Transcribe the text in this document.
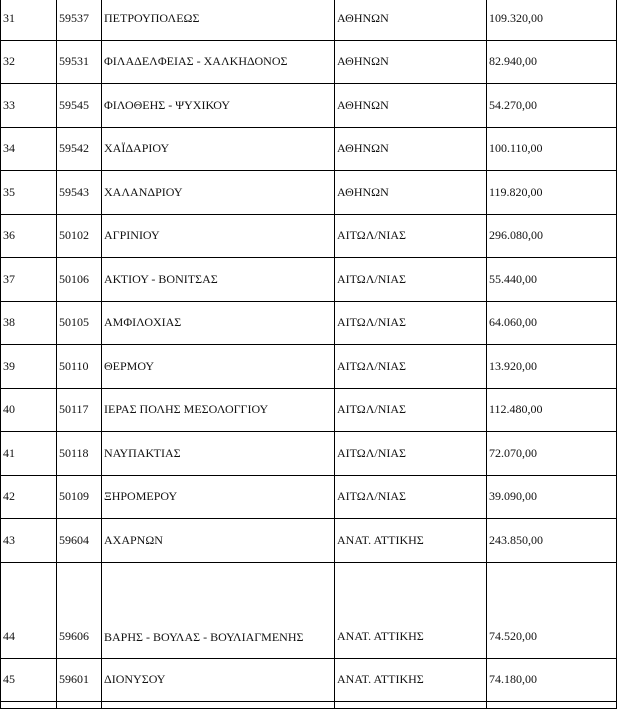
31	59537	ΠΕΤΡΟΥΠΟΛΕΩΣ	ΑΘΗΝΩΝ	109.320,00
32	59531	ΦΙΛΑΔΕΛΦΕΙΑΣ - ΧΑΛΚΗΔΟΝΟΣ	ΑΘΗΝΩΝ	82.940,00
33	59545	ΦΙΛΟΘΕΗΣ - ΨΥΧΙΚΟΥ	ΑΘΗΝΩΝ	54.270,00
34	59542	ΧΑΪΔΑΡΙΟΥ	ΑΘΗΝΩΝ	100.110,00
35	59543	ΧΑΛΑΝΔΡΙΟΥ	ΑΘΗΝΩΝ	119.820,00
36	50102	ΑΓΡΙΝΙΟΥ	ΑΙΤΩΛ/ΝΙΑΣ	296.080,00
37	50106	ΑΚΤΙΟΥ - ΒΟΝΙΤΣΑΣ	ΑΙΤΩΛ/ΝΙΑΣ	55.440,00
38	50105	ΑΜΦΙΛΟΧΙΑΣ	ΑΙΤΩΛ/ΝΙΑΣ	64.060,00
39	50110	ΘΕΡΜΟΥ	ΑΙΤΩΛ/ΝΙΑΣ	13.920,00
40	50117	ΙΕΡΑΣ ΠΟΛΗΣ ΜΕΣΟΛΟΓΓΙΟΥ	ΑΙΤΩΛ/ΝΙΑΣ	112.480,00
41	50118	ΝΑΥΠΑΚΤΙΑΣ	ΑΙΤΩΛ/ΝΙΑΣ	72.070,00
42	50109	ΞΗΡΟΜΕΡΟΥ	ΑΙΤΩΛ/ΝΙΑΣ	39.090,00
43	59604	ΑΧΑΡΝΩΝ	ΑΝΑΤ. ΑΤΤΙΚΗΣ	243.850,00
44	59606	ΒΑΡΗΣ - ΒΟΥΛΑΣ - ΒΟΥΛΙΑΓΜΕΝΗΣ	ΑΝΑΤ. ΑΤΤΙΚΗΣ	74.520,00
45	59601	ΔΙΟΝΥΣΟΥ	ΑΝΑΤ. ΑΤΤΙΚΗΣ	74.180,00
